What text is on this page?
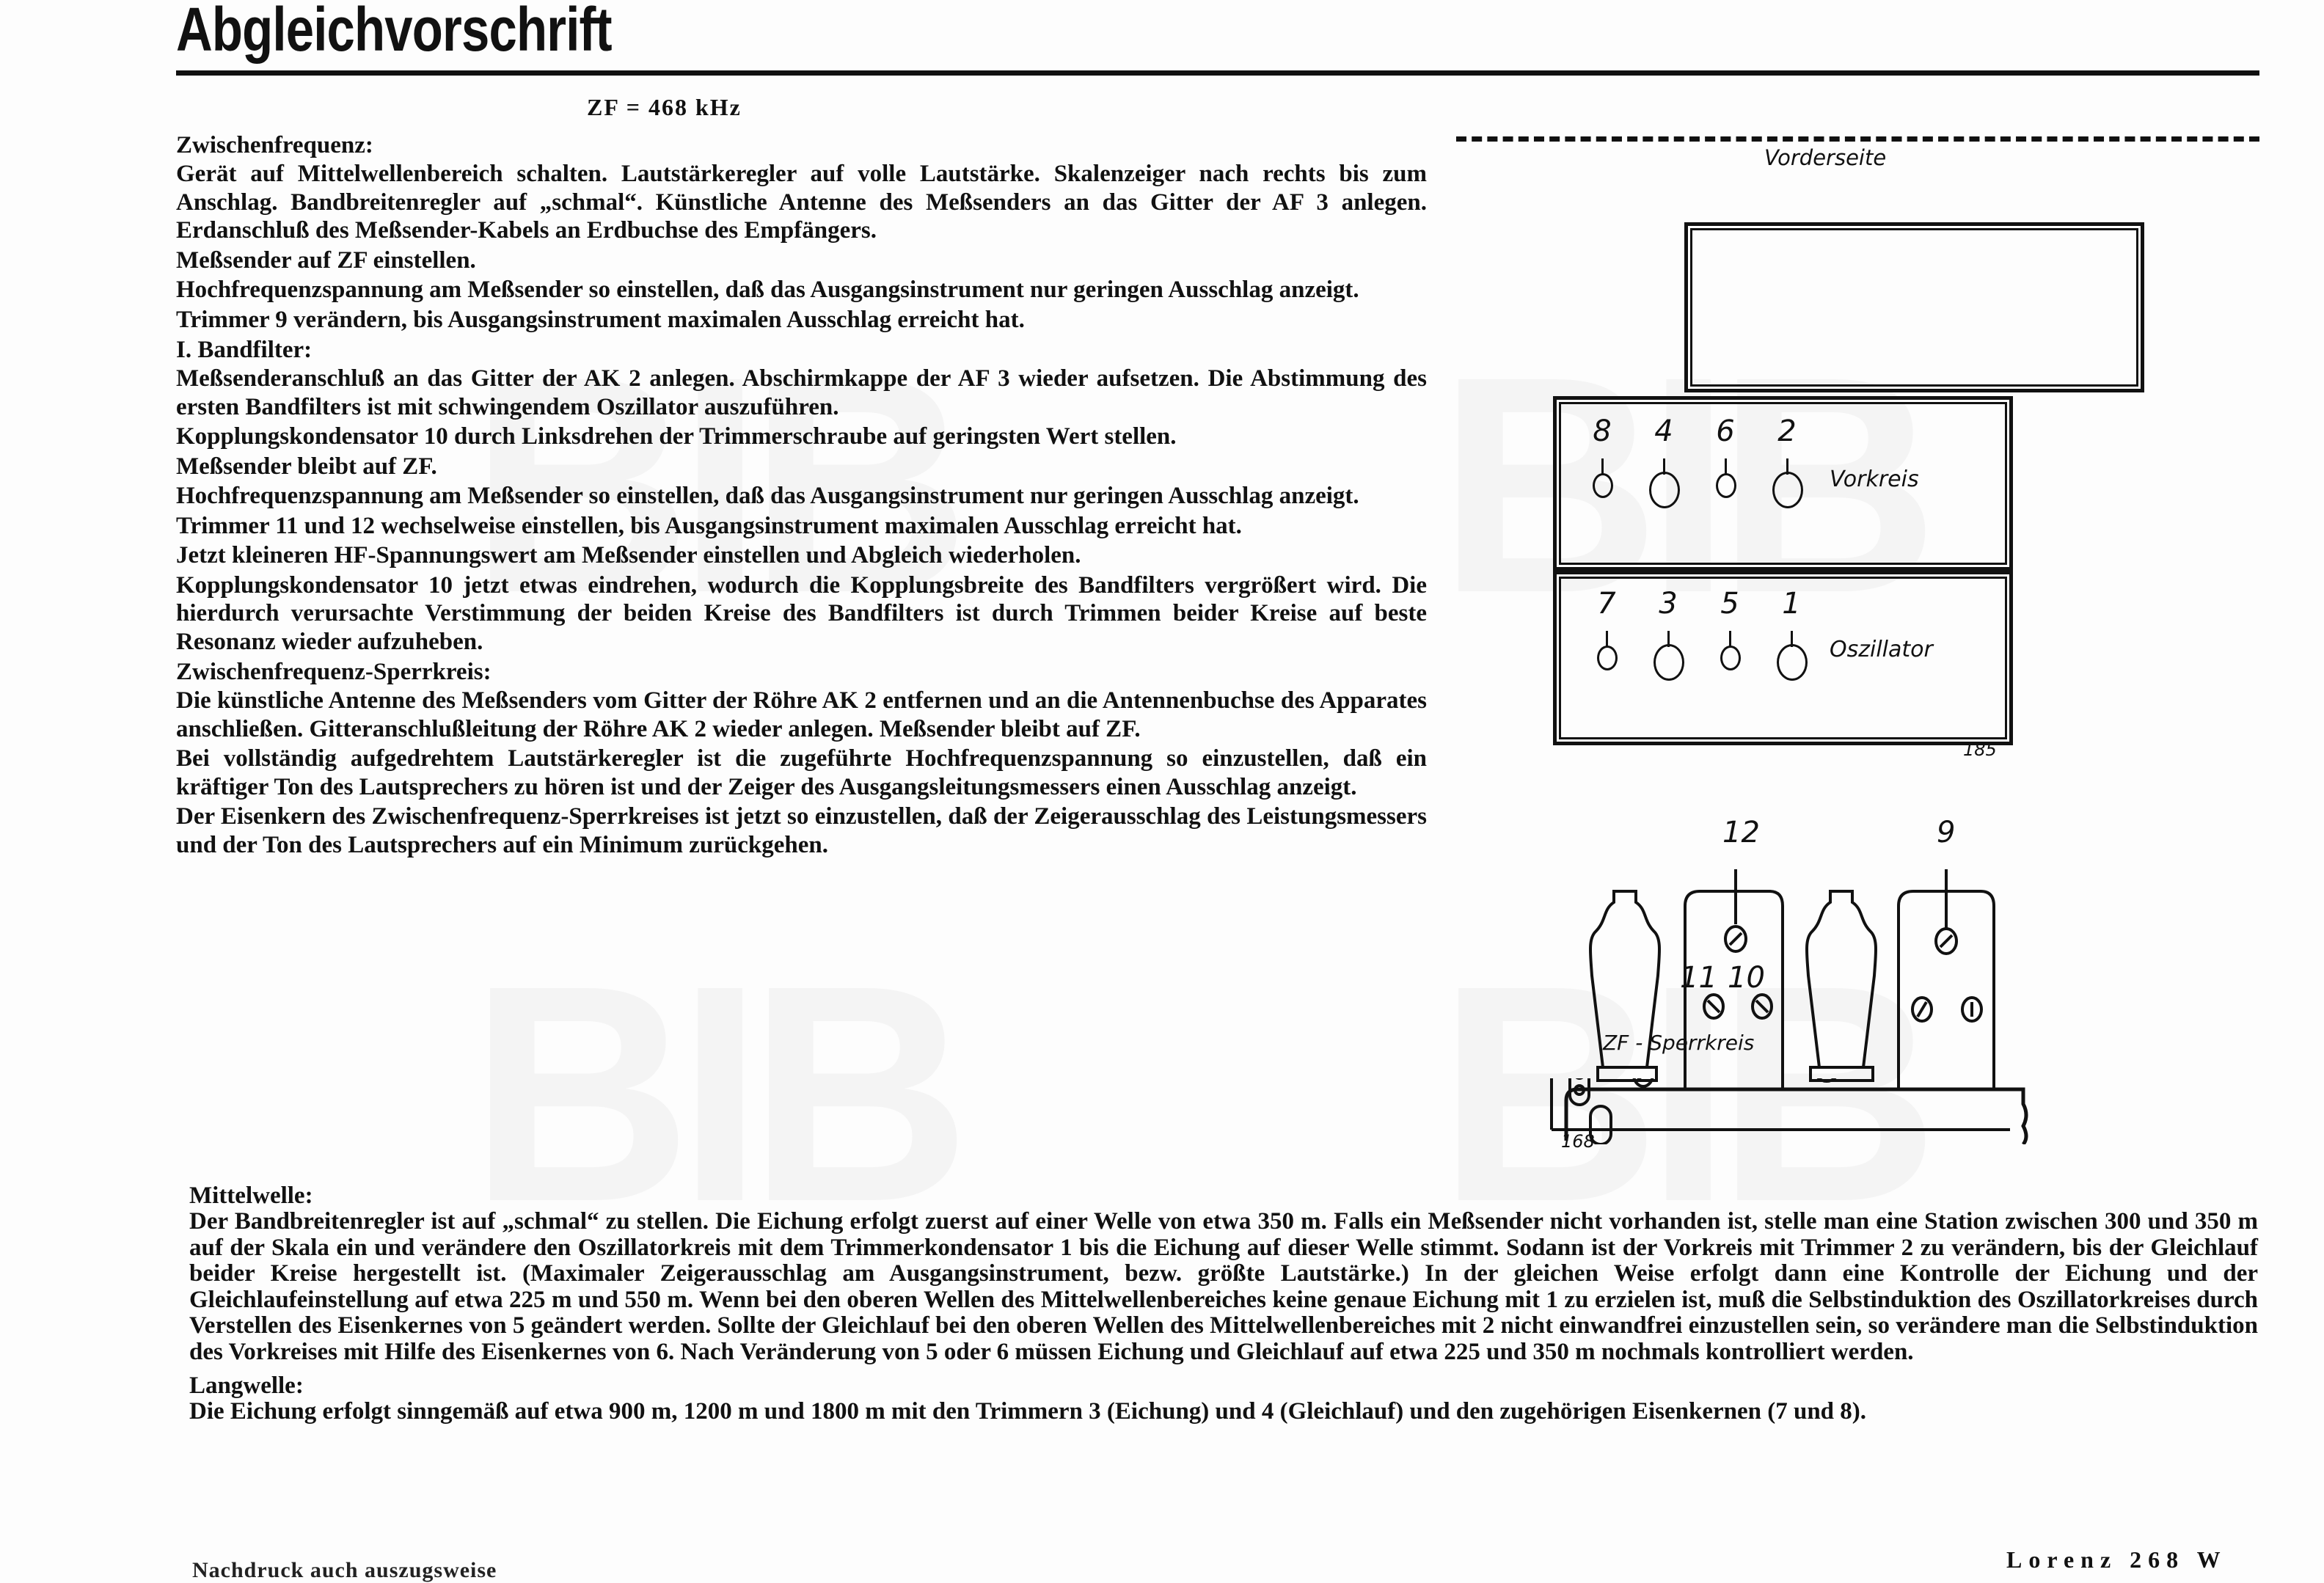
Abgleichvorschrift
ZF = 468 kHz
Zwischenfrequenz:

Gerät auf Mittelwellenbereich schalten. Lautstärkeregler auf volle Lautstärke. Skalenzeiger nach rechts bis zum Anschlag. Bandbreitenregler auf „schmal“. Künstliche Antenne des Meßsenders an das Gitter der AF 3 anlegen. Erdanschluß des Meßsender-Kabels an Erdbuchse des Empfängers.

Meßsender auf ZF einstellen.

Hochfrequenzspannung am Meßsender so einstellen, daß das Ausgangsinstrument nur geringen Ausschlag anzeigt.

Trimmer 9 verändern, bis Ausgangsinstrument maximalen Ausschlag erreicht hat.

I. Bandfilter:

Meßsenderanschluß an das Gitter der AK 2 anlegen. Abschirmkappe der AF 3 wieder aufsetzen. Die Abstimmung des ersten Bandfilters ist mit schwingendem Oszillator auszuführen.

Kopplungskondensator 10 durch Linksdrehen der Trimmerschraube auf geringsten Wert stellen.

Meßsender bleibt auf ZF.

Hochfrequenzspannung am Meßsender so einstellen, daß das Ausgangsinstrument nur geringen Ausschlag anzeigt.

Trimmer 11 und 12 wechselweise einstellen, bis Ausgangsinstrument maximalen Ausschlag erreicht hat.

Jetzt kleineren HF-Spannungswert am Meßsender einstellen und Abgleich wiederholen.

Kopplungskondensator 10 jetzt etwas eindrehen, wodurch die Kopplungsbreite des Bandfilters vergrößert wird. Die hierdurch verursachte Verstimmung der beiden Kreise des Bandfilters ist durch Trimmen beider Kreise auf beste Resonanz wieder aufzuheben.

Zwischenfrequenz-Sperrkreis:

Die künstliche Antenne des Meßsenders vom Gitter der Röhre AK 2 entfernen und an die Antennenbuchse des Apparates anschließen. Gitteranschlußleitung der Röhre AK 2 wieder anlegen. Meßsender bleibt auf ZF.

Bei vollständig aufgedrehtem Lautstärkeregler ist die zugeführte Hochfrequenzspannung so einzustellen, daß ein kräftiger Ton des Lautsprechers zu hören ist und der Zeiger des Ausgangsleitungsmessers einen Ausschlag anzeigt.

Der Eisenkern des Zwischenfrequenz-Sperrkreises ist jetzt so einzustellen, daß der Zeigerausschlag des Leistungsmessers und der Ton des Lautsprechers auf ein Minimum zurückgehen.

Mittelwelle:

Der Bandbreitenregler ist auf „schmal“ zu stellen. Die Eichung erfolgt zuerst auf einer Welle von etwa 350 m. Falls ein Meßsender nicht vorhanden ist, stelle man eine Station zwischen 300 und 350 m auf der Skala ein und verändere den Oszillatorkreis mit dem Trimmerkondensator 1 bis die Eichung auf dieser Welle stimmt. Sodann ist der Vorkreis mit Trimmer 2 zu verändern, bis der Gleichlauf beider Kreise hergestellt ist. (Maximaler Zeigerausschlag am Ausgangsinstrument, bezw. größte Lautstärke.) In der gleichen Weise erfolgt dann eine Kontrolle der Eichung und der Gleichlaufeinstellung auf etwa 225 m und 550 m. Wenn bei den oberen Wellen des Mittelwellenbereiches keine genaue Eichung mit 1 zu erzielen ist, muß die Selbstinduktion des Oszillatorkreises durch Verstellen des Eisenkernes von 5 geändert werden. Sollte der Gleichlauf bei den oberen Wellen des Mittelwellenbereiches mit 2 nicht einwandfrei einzustellen sein, so verändere man die Selbstinduktion des Vorkreises mit Hilfe des Eisenkernes von 6. Nach Veränderung von 5 oder 6 müssen Eichung und Gleichlauf auf etwa 225 und 350 m nochmals kontrolliert werden.

Langwelle:

Die Eichung erfolgt sinngemäß auf etwa 900 m, 1200 m und 1800 m mit den Trimmern 3 (Eichung) und 4 (Gleichlauf) und den zugehörigen Eisenkernen (7 und 8).

Nachdruck auch auszugsweise	Lorenz 268 W
Vorderseite
8	4	6	2
Vorkreis
7	3	5	1
Oszillator
185
12	9
11 10
ZF - Sperrkreis
168
